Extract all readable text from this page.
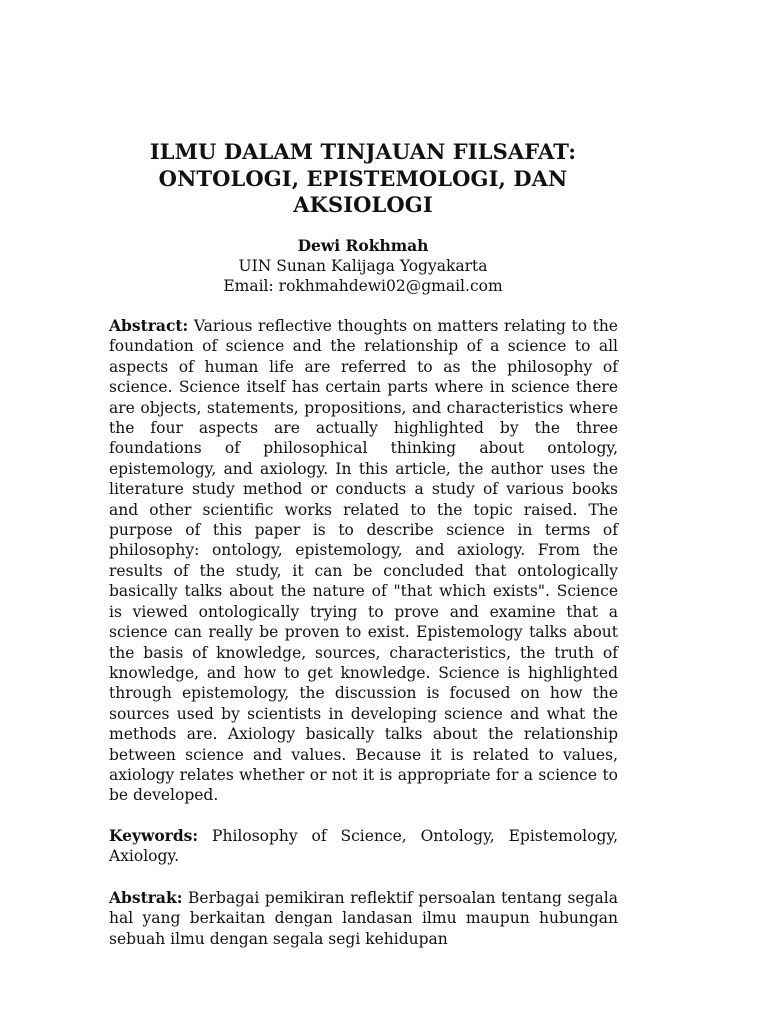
ILMU DALAM TINJAUAN FILSAFAT:
ONTOLOGI, EPISTEMOLOGI, DAN
AKSIOLOGI
Dewi Rokhmah
UIN Sunan Kalijaga Yogyakarta
Email: rokhmahdewi02@gmail.com
Abstract: Various reflective thoughts on matters relating to the foundation of science and the relationship of a science to all aspects of human life are referred to as the philosophy of science. Science itself has certain parts where in science there are objects, statements, propositions, and characteristics where the four aspects are actually highlighted by the three foundations of philosophical thinking about ontology, epistemology, and axiology. In this article, the author uses the literature study method or conducts a study of various books and other scientific works related to the topic raised. The purpose of this paper is to describe science in terms of philosophy: ontology, epistemology, and axiology. From the results of the study, it can be concluded that ontologically basically talks about the nature of "that which exists". Science is viewed ontologically trying to prove and examine that a science can really be proven to exist. Epistemology talks about the basis of knowledge, sources, characteristics, the truth of knowledge, and how to get knowledge. Science is highlighted through epistemology, the discussion is focused on how the sources used by scientists in developing science and what the methods are. Axiology basically talks about the relationship between science and values. Because it is related to values, axiology relates whether or not it is appropriate for a science to be developed.
Keywords: Philosophy of Science, Ontology, Epistemology, Axiology.
Abstrak: Berbagai pemikiran reflektif persoalan tentang segala hal yang berkaitan dengan landasan ilmu maupun hubungan sebuah ilmu dengan segala segi kehidupan
